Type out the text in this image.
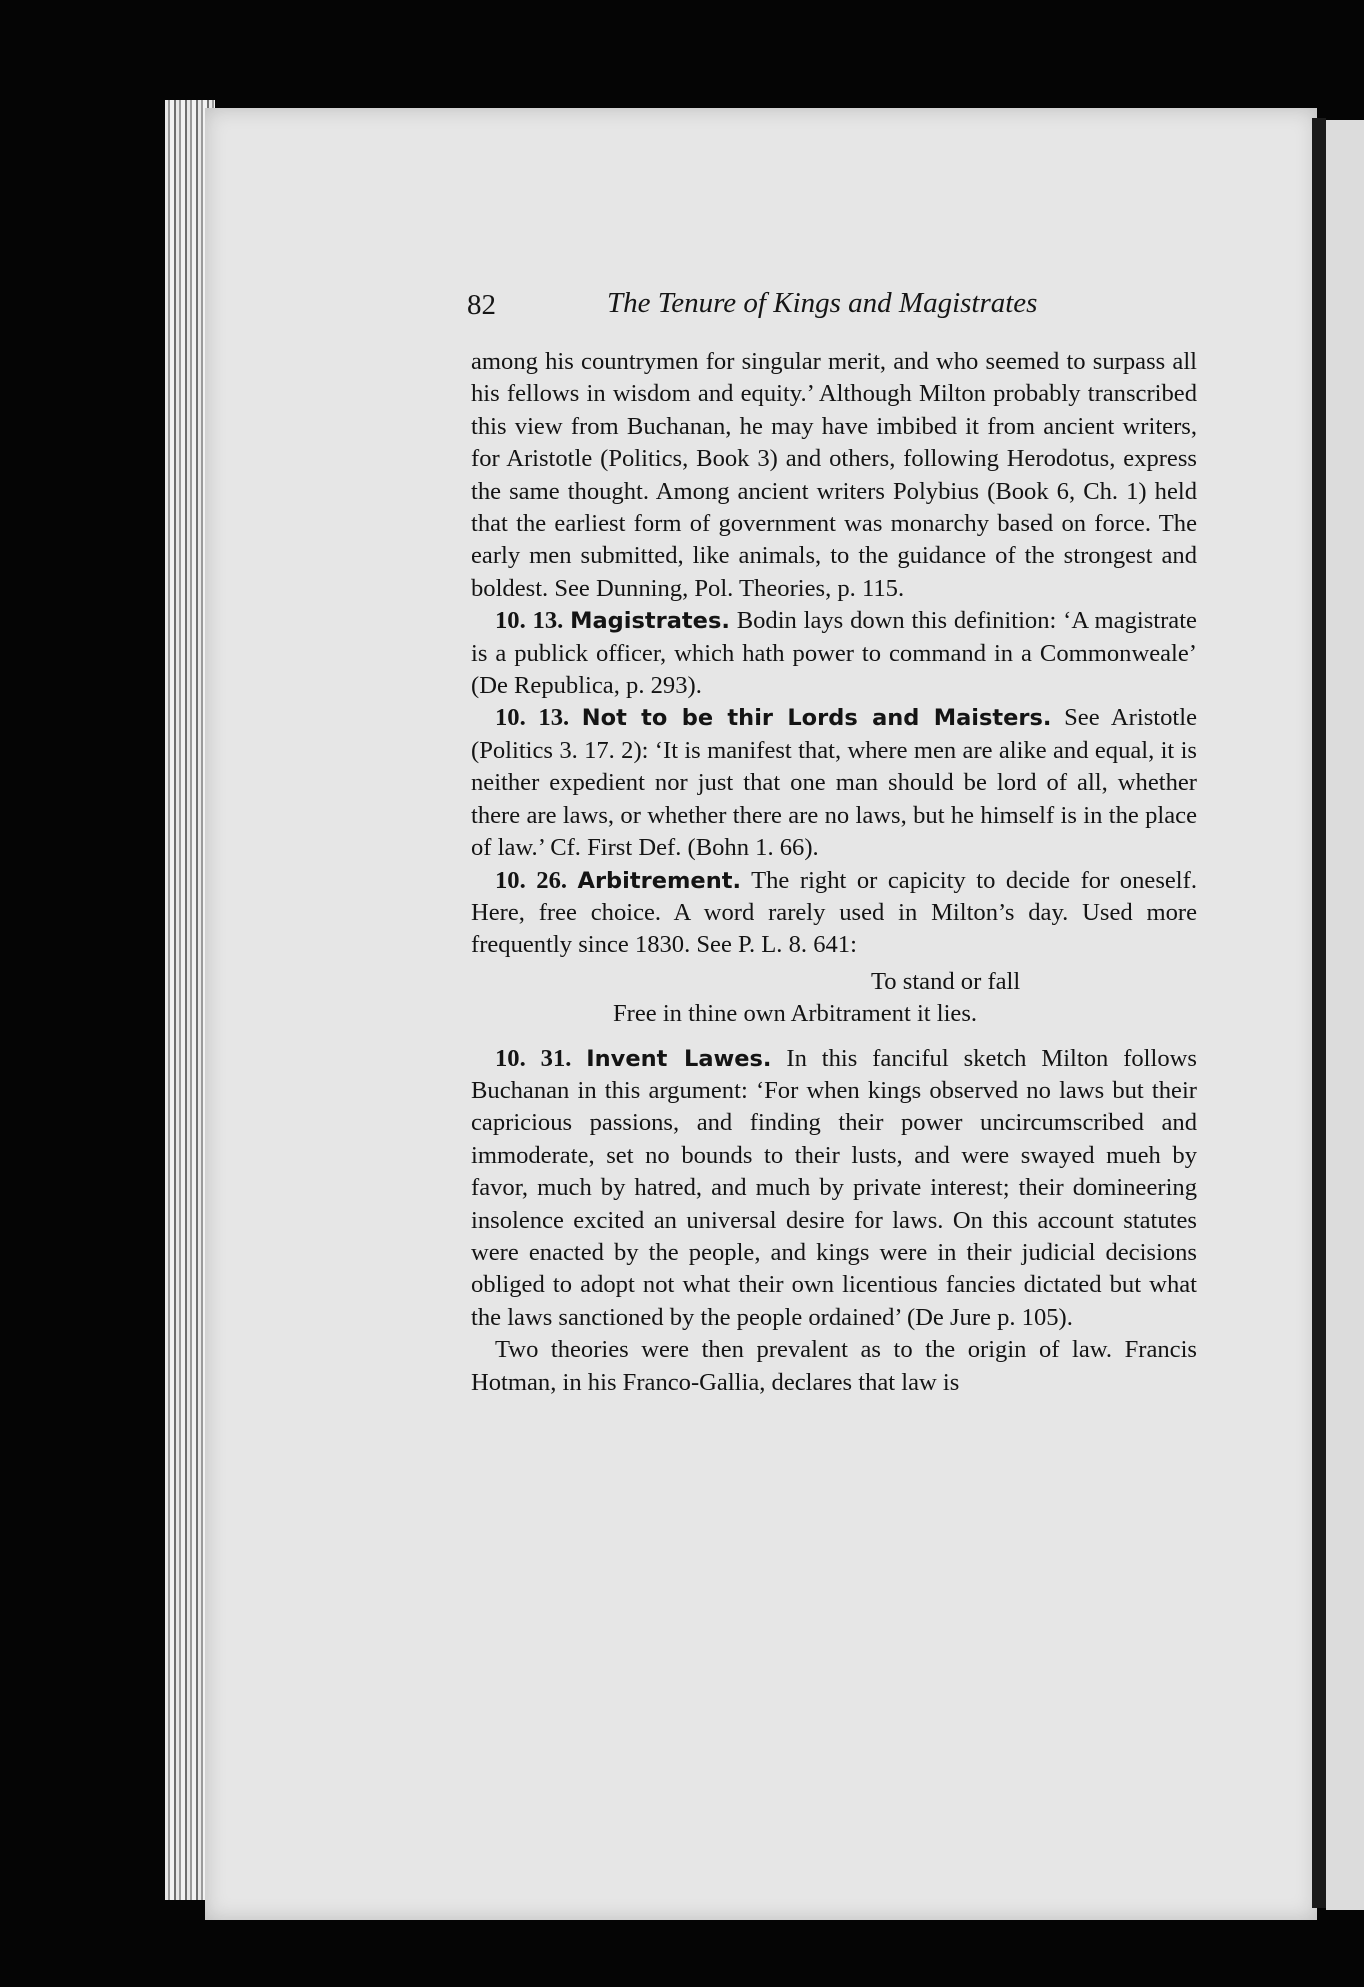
82	The Tenure of Kings and Magistrates

among his countrymen for singular merit, and who seemed to surpass all his fellows in wisdom and equity.’ Although Milton probably transcribed this view from Buchanan, he may have imbibed it from ancient writers, for Aristotle (Politics, Book 3) and others, following Herodotus, express the same thought. Among ancient writers Polybius (Book 6, Ch. 1) held that the earliest form of government was monarchy based on force. The early men submitted, like animals, to the guidance of the strongest and boldest. See Dunning, Pol. Theories, p. 115.

10. 13. Magistrates. Bodin lays down this definition: ‘A magistrate is a publick officer, which hath power to command in a Commonweale’ (De Republica, p. 293).

10. 13. Not to be thir Lords and Maisters. See Aristotle (Politics 3. 17. 2): ‘It is manifest that, where men are alike and equal, it is neither expedient nor just that one man should be lord of all, whether there are laws, or whether there are no laws, but he himself is in the place of law.’ Cf. First Def. (Bohn 1. 66).

10. 26. Arbitrement. The right or capicity to decide for oneself. Here, free choice. A word rarely used in Milton’s day. Used more frequently since 1830. See P. L. 8. 641:

To stand or fall
Free in thine own Arbitrament it lies.

10. 31. Invent Lawes. In this fanciful sketch Milton follows Buchanan in this argument: ‘For when kings observed no laws but their capricious passions, and finding their power uncircumscribed and immoderate, set no bounds to their lusts, and were swayed mueh by favor, much by hatred, and much by private interest; their domineering insolence excited an universal desire for laws. On this account statutes were enacted by the people, and kings were in their judicial decisions obliged to adopt not what their own licentious fancies dictated but what the laws sanctioned by the people ordained’ (De Jure p. 105).

Two theories were then prevalent as to the origin of law. Francis Hotman, in his Franco-Gallia, declares that law is
